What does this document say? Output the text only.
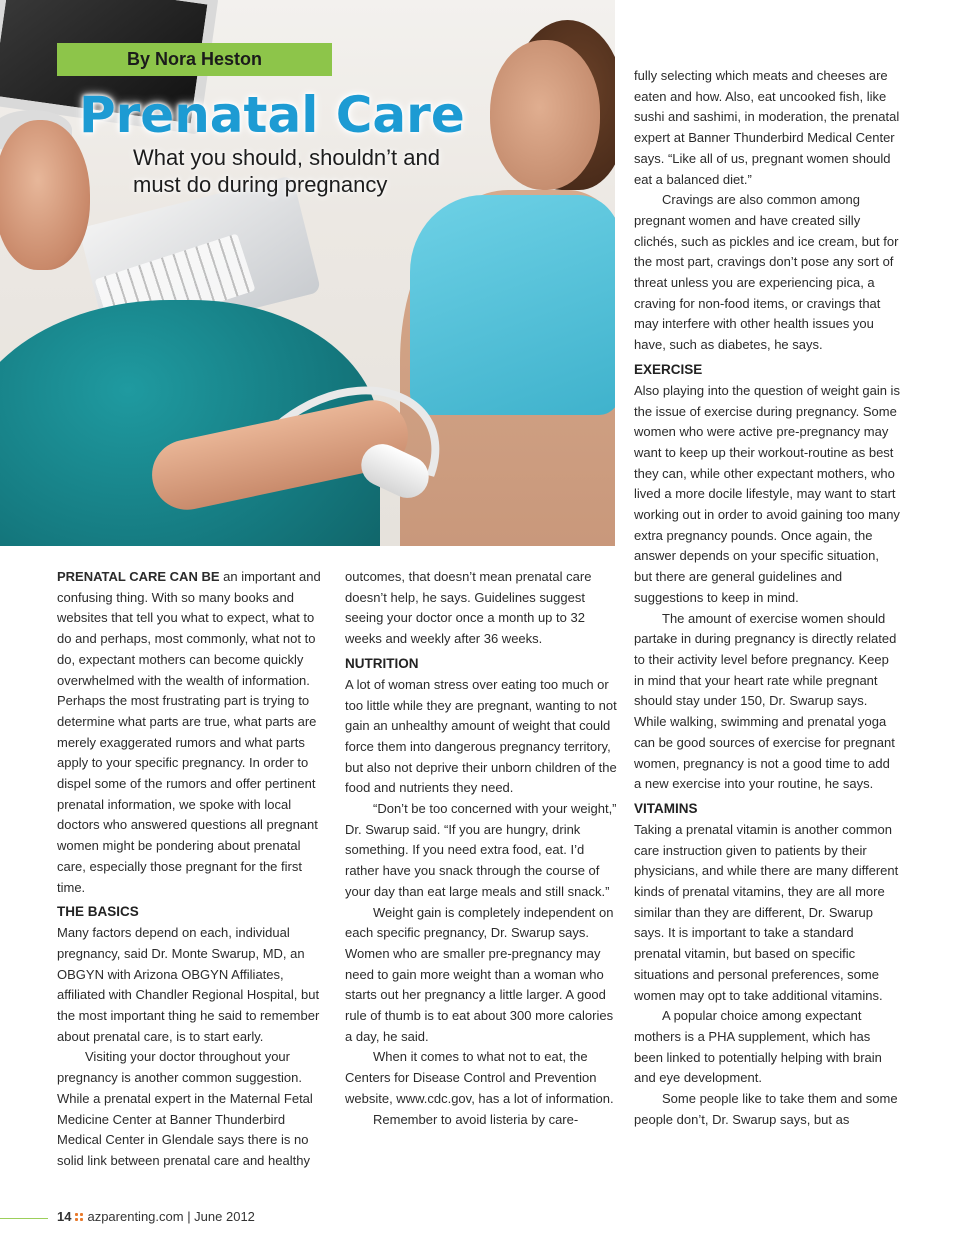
By Nora Heston
Prenatal Care
What you should, shouldn’t and must do during pregnancy

PRENATAL CARE CAN BE an important and confusing thing. With so many books and websites that tell you what to expect, what to do and perhaps, most commonly, what not to do, expectant mothers can become quickly overwhelmed with the wealth of information. Perhaps the most frustrating part is trying to determine what parts are true, what parts are merely exaggerated rumors and what parts apply to your specific pregnancy. In order to dispel some of the rumors and offer pertinent prenatal information, we spoke with local doctors who answered questions all pregnant women might be pondering about prenatal care, especially those pregnant for the first time.

THE BASICS

Many factors depend on each, individual pregnancy, said Dr. Monte Swarup, MD, an OBGYN with Arizona OBGYN Affiliates, affiliated with Chandler Regional Hospital, but the most important thing he said to remember about prenatal care, is to start early.

Visiting your doctor throughout your pregnancy is another common suggestion. While a prenatal expert in the Maternal Fetal Medicine Center at Banner Thunderbird Medical Center in Glendale says there is no solid link between prenatal care and healthy

outcomes, that doesn’t mean prenatal care doesn’t help, he says. Guidelines suggest seeing your doctor once a month up to 32 weeks and weekly after 36 weeks.

NUTRITION

A lot of woman stress over eating too much or too little while they are pregnant, wanting to not gain an unhealthy amount of weight that could force them into dangerous pregnancy territory, but also not deprive their unborn children of the food and nutrients they need.

“Don’t be too concerned with your weight,” Dr. Swarup said. “If you are hungry, drink something. If you need extra food, eat. I’d rather have you snack through the course of your day than eat large meals and still snack.”

Weight gain is completely independent on each specific pregnancy, Dr. Swarup says. Women who are smaller pre-pregnancy may need to gain more weight than a woman who starts out her pregnancy a little larger. A good rule of thumb is to eat about 300 more calories a day, he said.

When it comes to what not to eat, the Centers for Disease Control and Prevention website, www.cdc.gov, has a lot of information.

Remember to avoid listeria by care-

fully selecting which meats and cheeses are eaten and how. Also, eat uncooked fish, like sushi and sashimi, in moderation, the prenatal expert at Banner Thunderbird Medical Center says. “Like all of us, pregnant women should eat a balanced diet.”

Cravings are also common among pregnant women and have created silly clichés, such as pickles and ice cream, but for the most part, cravings don’t pose any sort of threat unless you are experiencing pica, a craving for non-food items, or cravings that may interfere with other health issues you have, such as diabetes, he says.

EXERCISE

Also playing into the question of weight gain is the issue of exercise during pregnancy. Some women who were active pre-pregnancy may want to keep up their workout-routine as best they can, while other expectant mothers, who lived a more docile lifestyle, may want to start working out in order to avoid gaining too many extra pregnancy pounds. Once again, the answer depends on your specific situation, but there are general guidelines and suggestions to keep in mind.

The amount of exercise women should partake in during pregnancy is directly related to their activity level before pregnancy. Keep in mind that your heart rate while pregnant should stay under 150, Dr. Swarup says. While walking, swimming and prenatal yoga can be good sources of exercise for pregnant women, pregnancy is not a good time to add a new exercise into your routine, he says.

VITAMINS

Taking a prenatal vitamin is another common care instruction given to patients by their physicians, and while there are many different kinds of prenatal vitamins, they are all more similar than they are different, Dr. Swarup says. It is important to take a standard prenatal vitamin, but based on specific situations and personal preferences, some women may opt to take additional vitamins.

A popular choice among expectant mothers is a PHA supplement, which has been linked to potentially helping with brain and eye development.

Some people like to take them and some people don’t, Dr. Swarup says, but as

14 azparenting.com | June 2012
